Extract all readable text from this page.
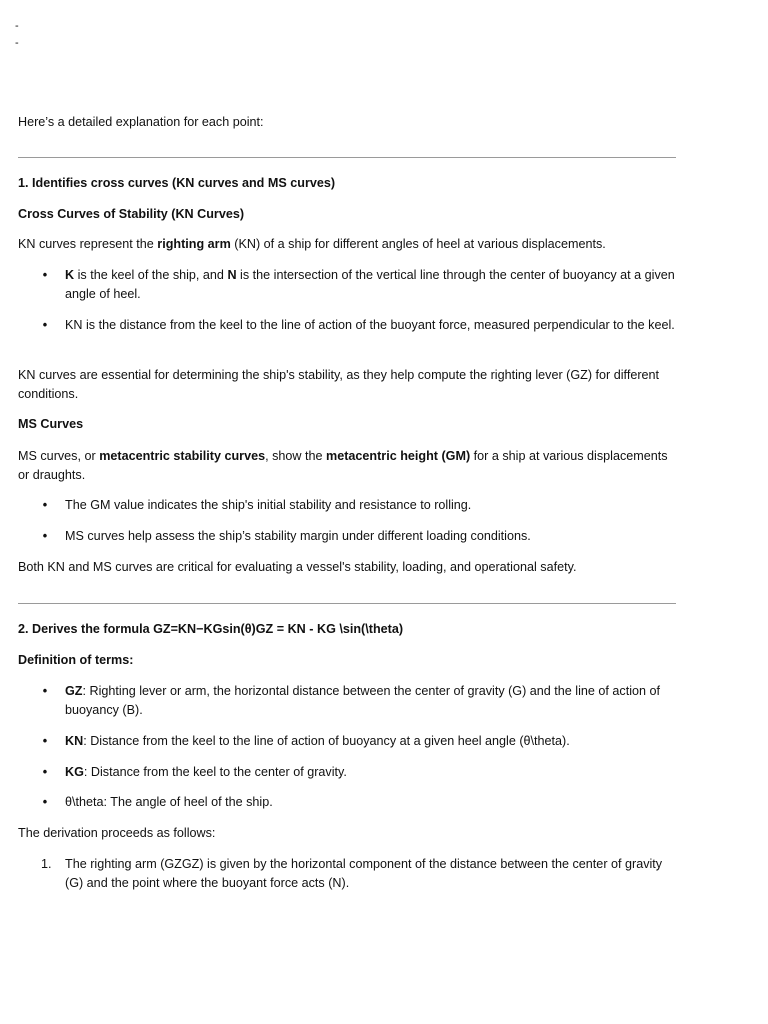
-
-

Here’s a detailed explanation for each point:

1. Identifies cross curves (KN curves and MS curves)

Cross Curves of Stability (KN Curves)

KN curves represent the righting arm (KN) of a ship for different angles of heel at various displacements.

• K is the keel of the ship, and N is the intersection of the vertical line through the center of buoyancy at a given angle of heel.

• KN is the distance from the keel to the line of action of the buoyant force, measured perpendicular to the keel.

KN curves are essential for determining the ship's stability, as they help compute the righting lever (GZ) for different conditions.

MS Curves

MS curves, or metacentric stability curves, show the metacentric height (GM) for a ship at various displacements or draughts.

• The GM value indicates the ship's initial stability and resistance to rolling.

• MS curves help assess the ship’s stability margin under different loading conditions.

Both KN and MS curves are critical for evaluating a vessel's stability, loading, and operational safety.

2. Derives the formula GZ=KN−KGsin⁡(θ)GZ = KN - KG \sin(\theta)

Definition of terms:

• GZ: Righting lever or arm, the horizontal distance between the center of gravity (G) and the line of action of buoyancy (B).

• KN: Distance from the keel to the line of action of buoyancy at a given heel angle (θ\theta).

• KG: Distance from the keel to the center of gravity.

• θ\theta: The angle of heel of the ship.

The derivation proceeds as follows:

1. The righting arm (GZGZ) is given by the horizontal component of the distance between the center of gravity (G) and the point where the buoyant force acts (N).
